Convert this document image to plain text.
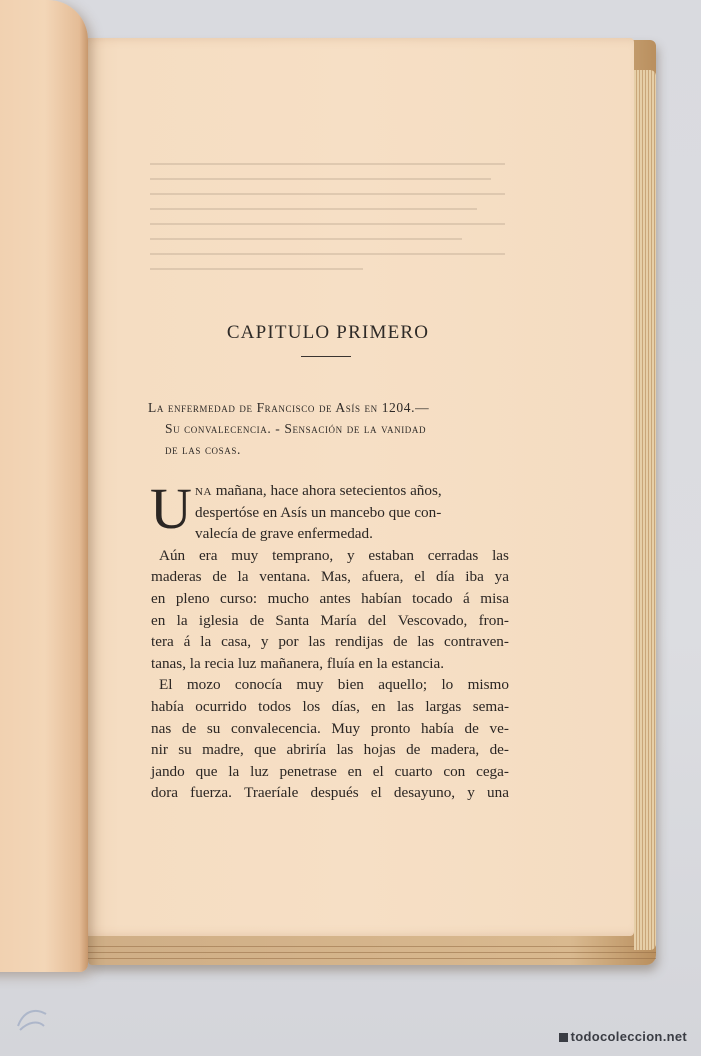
CAPITULO PRIMERO
La enfermedad de Francisco de Asís en 1204.—
Su convalecencia. - Sensación de la vanidad
de las cosas.
U na mañana, hace ahora setecientos años,
despertóse en Asís un mancebo que con-
valecía de grave enfermedad.
Aún era muy temprano, y estaban cerradas las
maderas de la ventana. Mas, afuera, el día iba ya
en pleno curso: mucho antes habían tocado á misa
en la iglesia de Santa María del Vescovado, fron-
tera á la casa, y por las rendijas de las contraven-
tanas, la recia luz mañanera, fluía en la estancia.
El mozo conocía muy bien aquello; lo mismo
había ocurrido todos los días, en las largas sema-
nas de su convalecencia. Muy pronto había de ve-
nir su madre, que abriría las hojas de madera, de-
jando que la luz penetrase en el cuarto con cega-
dora fuerza. Traeríale después el desayuno, y una
todocoleccion.net
